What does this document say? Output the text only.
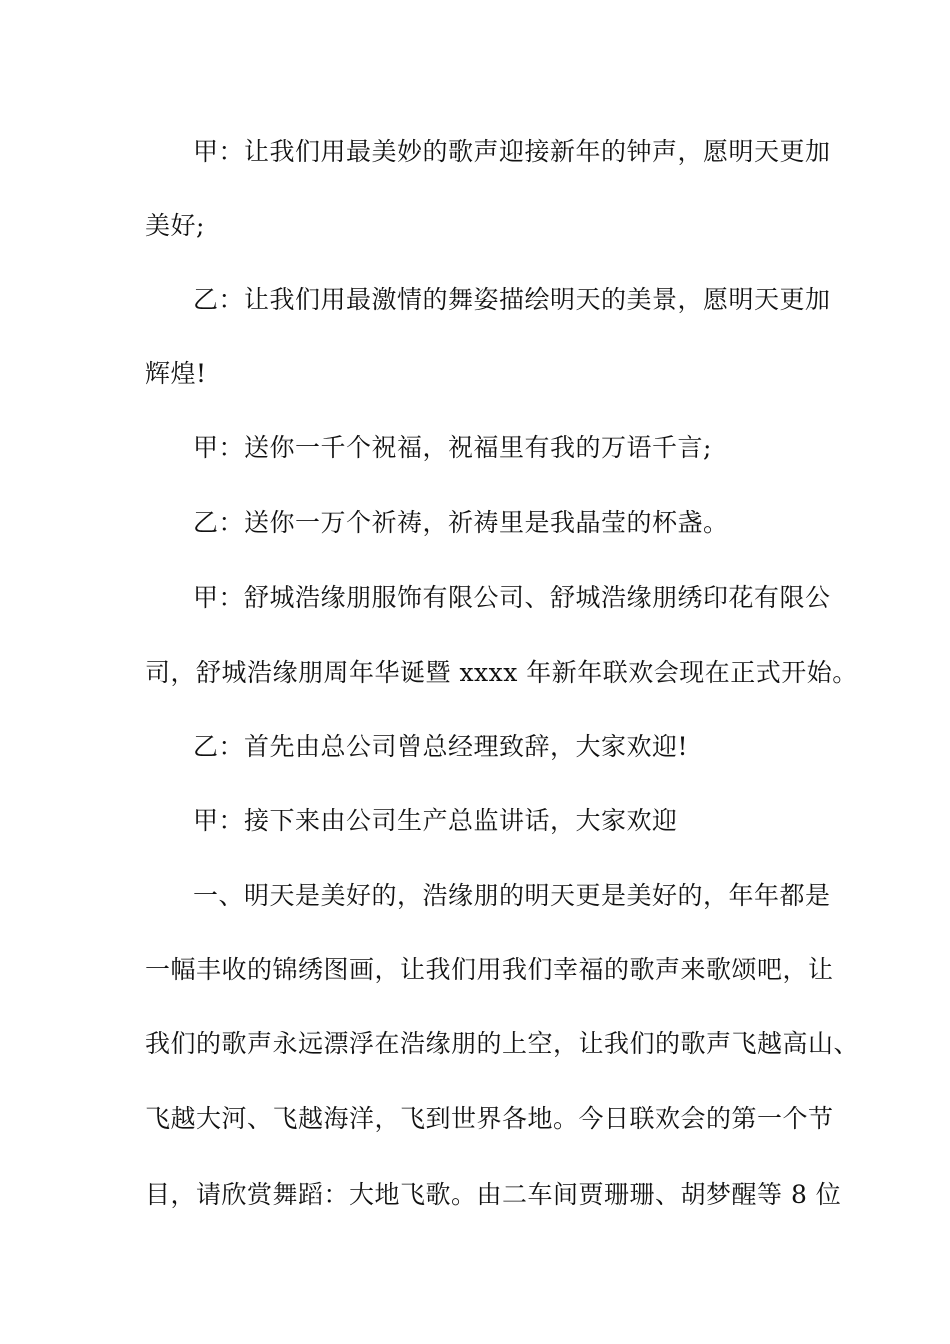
甲：让我们用最美妙的歌声迎接新年的钟声，愿明天更加
美好;
乙：让我们用最激情的舞姿描绘明天的美景，愿明天更加
辉煌!
甲：送你一千个祝福，祝福里有我的万语千言;
乙：送你一万个祈祷，祈祷里是我晶莹的杯盏。
甲：舒城浩缘朋服饰有限公司、舒城浩缘朋绣印花有限公
司，舒城浩缘朋周年华诞暨 xxxx 年新年联欢会现在正式开始。
乙：首先由总公司曾总经理致辞，大家欢迎!
甲：接下来由公司生产总监讲话，大家欢迎
一、明天是美好的，浩缘朋的明天更是美好的，年年都是
一幅丰收的锦绣图画，让我们用我们幸福的歌声来歌颂吧，让
我们的歌声永远漂浮在浩缘朋的上空，让我们的歌声飞越高山、
飞越大河、飞越海洋，飞到世界各地。今日联欢会的第一个节
目，请欣赏舞蹈：大地飞歌。由二车间贾珊珊、胡梦醒等 8 位
